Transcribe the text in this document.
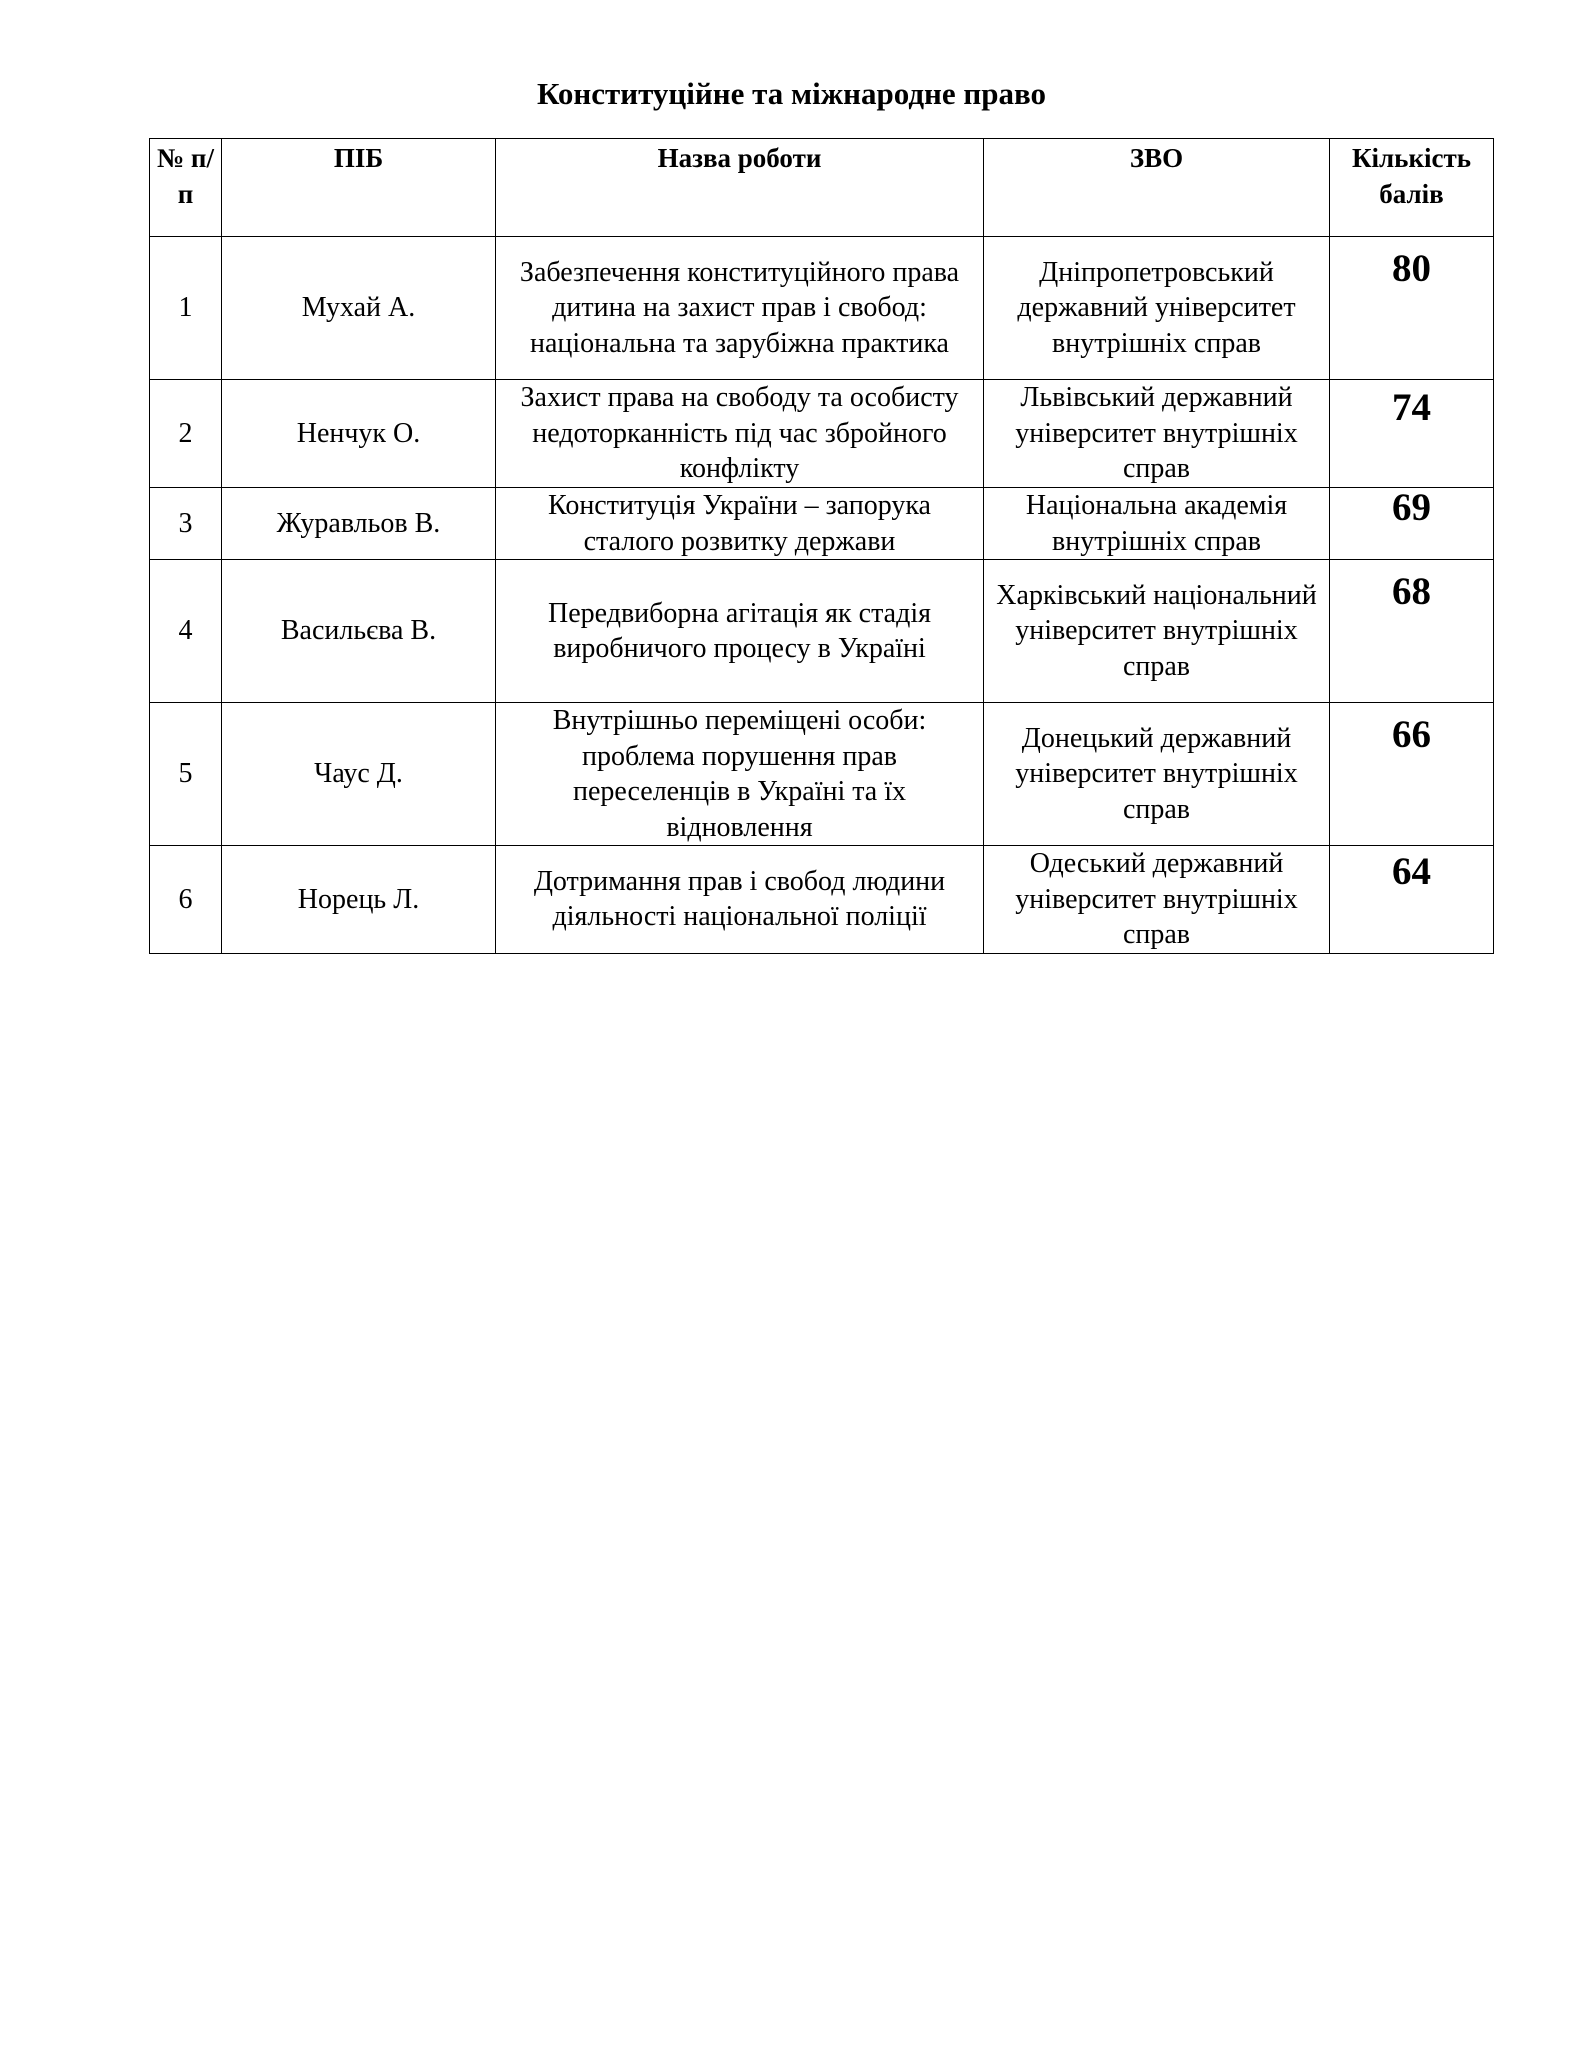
Конституційне та міжнародне право
№ п/п	ПІБ	Назва роботи	ЗВО	Кількість балів
1	Мухай А.	Забезпечення конституційного права дитина на захист прав і свобод: національна та зарубіжна практика	Дніпропетровський державний університет внутрішніх справ	80
2	Ненчук О.	Захист права на свободу та особисту недоторканність під час збройного конфлікту	Львівський державний університет внутрішніх справ	74
3	Журавльов В.	Конституція України – запорука сталого розвитку держави	Національна академія внутрішніх справ	69
4	Васильєва В.	Передвиборна агітація як стадія виробничого процесу в Україні	Харківський національний університет внутрішніх справ	68
5	Чаус Д.	Внутрішньо переміщені особи: проблема порушення прав переселенців в Україні та їх відновлення	Донецький державний університет внутрішніх справ	66
6	Норець Л.	Дотримання прав і свобод людини діяльності національної поліції	Одеський державний університет внутрішніх справ	64
